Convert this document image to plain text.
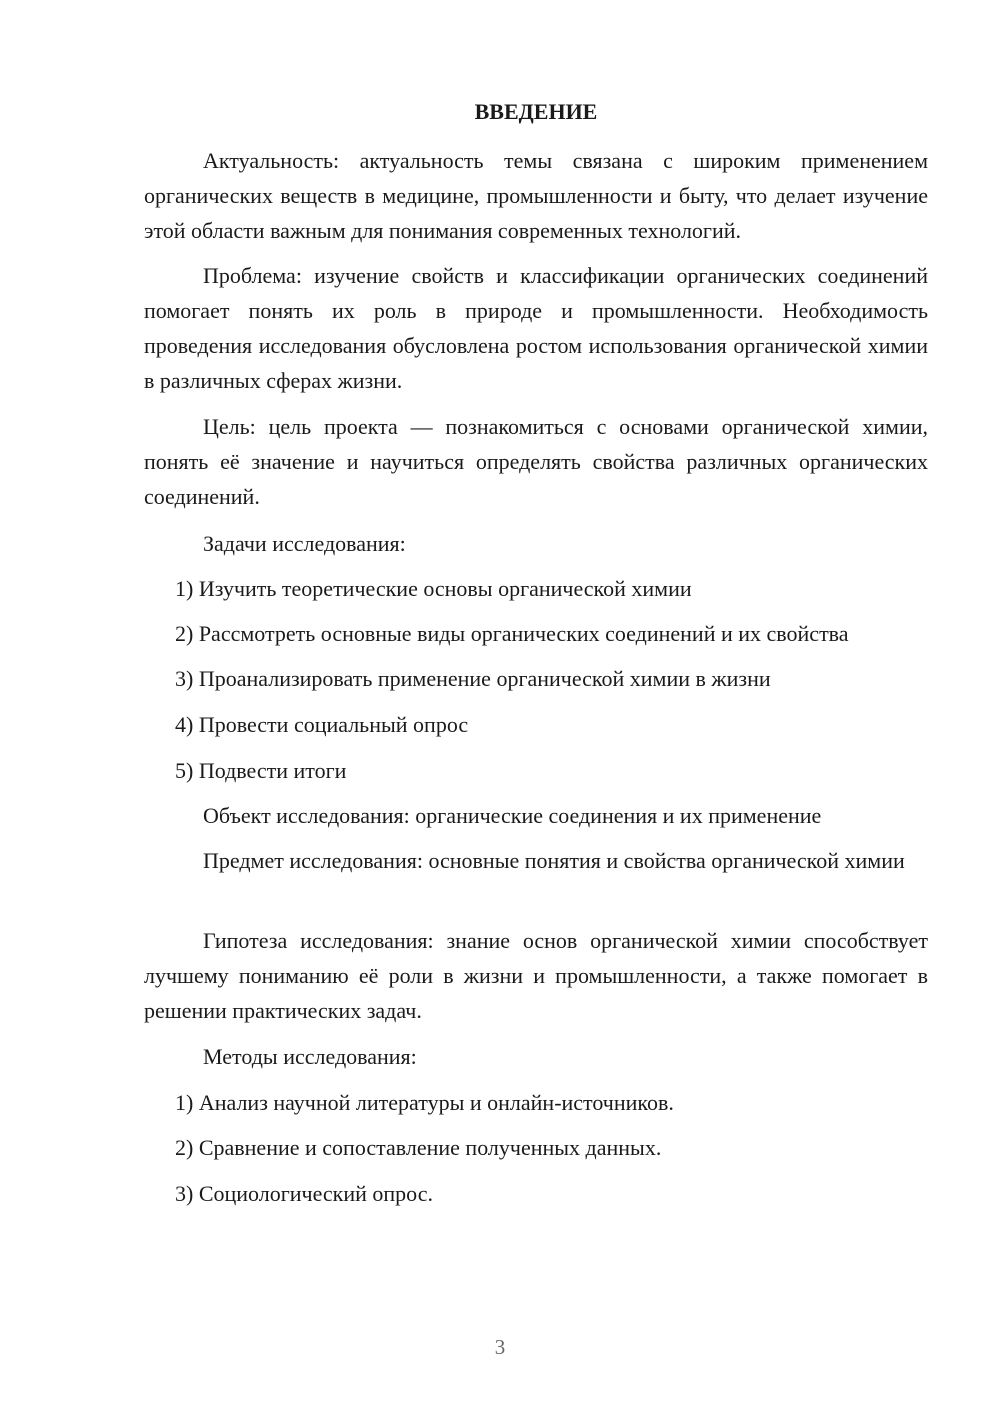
ВВЕДЕНИЕ

Актуальность: актуальность темы связана с широким применением органических веществ в медицине, промышленности и быту, что делает изучение этой области важным для понимания современных технологий.

Проблема: изучение свойств и классификации органических соединений помогает понять их роль в природе и промышленности. Необходимость проведения исследования обусловлена ростом использования органической химии в различных сферах жизни.

Цель: цель проекта — познакомиться с основами органической химии, понять её значение и научиться определять свойства различных органических соединений.

Задачи исследования:

1) Изучить теоретические основы органической химии

2) Рассмотреть основные виды органических соединений и их свойства

3) Проанализировать применение органической химии в жизни

4) Провести социальный опрос

5) Подвести итоги

Объект исследования: органические соединения и их применение

Предмет исследования: основные понятия и свойства органической химии

Гипотеза исследования: знание основ органической химии способствует лучшему пониманию её роли в жизни и промышленности, а также помогает в решении практических задач.

Методы исследования:

1) Анализ научной литературы и онлайн-источников.

2) Сравнение и сопоставление полученных данных.

3) Социологический опрос.

3
